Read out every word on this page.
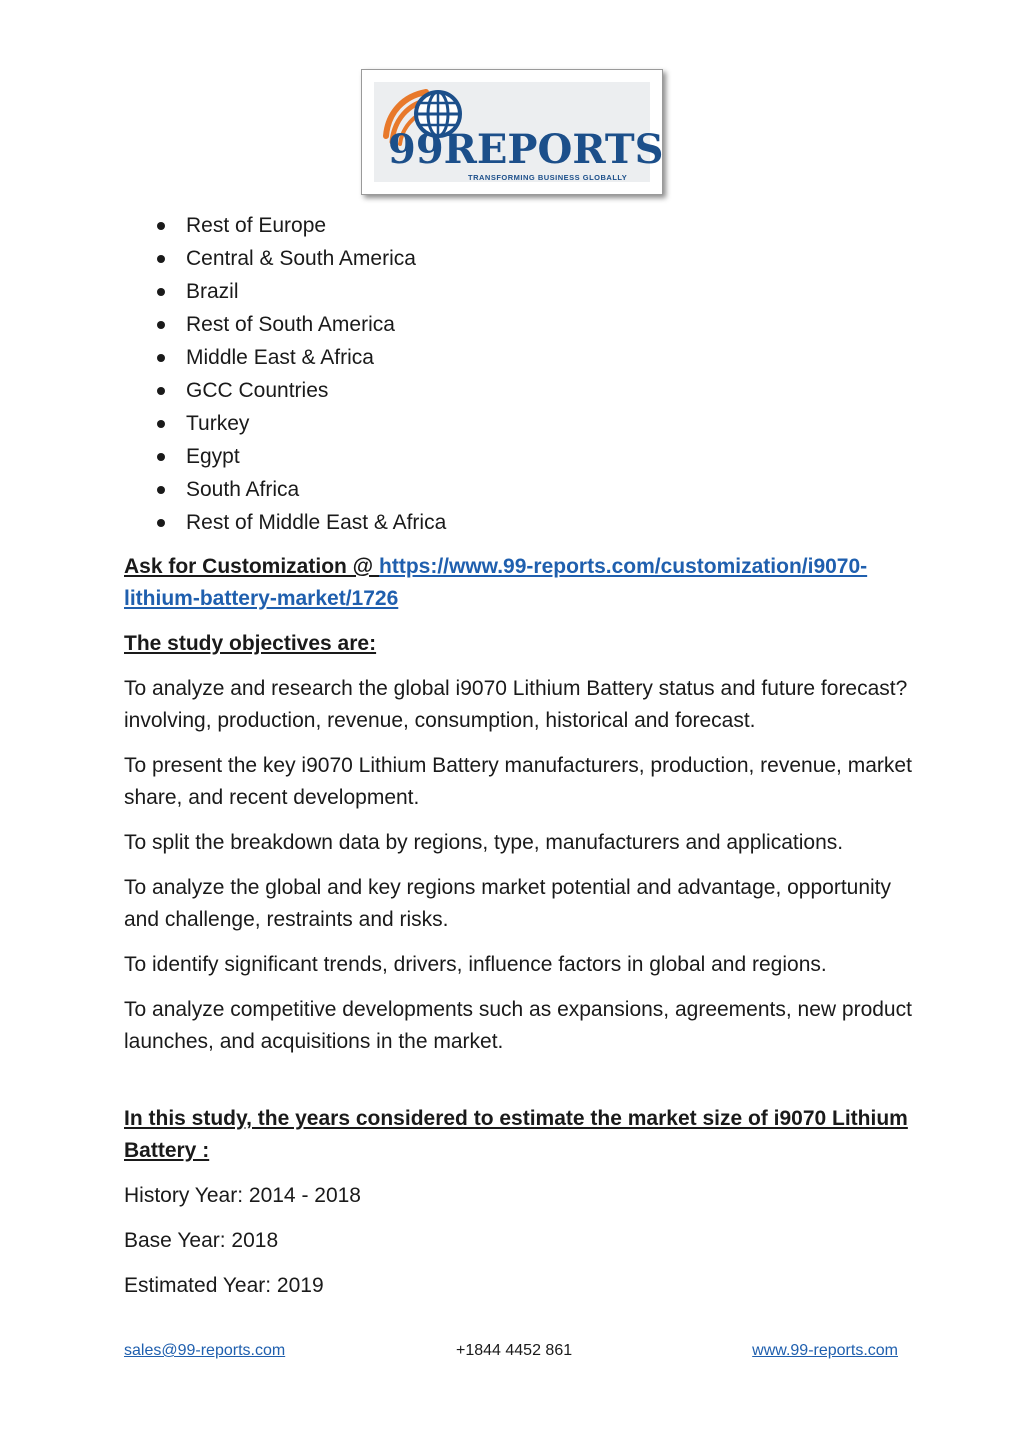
99REPORTS
TRANSFORMING BUSINESS GLOBALLY
Rest of Europe
Central & South America
Brazil
Rest of South America
Middle East & Africa
GCC Countries
Turkey
Egypt
South Africa
Rest of Middle East & Africa
Ask for Customization @ https://www.99-reports.com/customization/i9070-lithium-battery-market/1726
The study objectives are:
To analyze and research the global i9070 Lithium Battery status and future forecast?involving, production, revenue, consumption, historical and forecast.
To present the key i9070 Lithium Battery manufacturers, production, revenue, market share, and recent development.
To split the breakdown data by regions, type, manufacturers and applications.
To analyze the global and key regions market potential and advantage, opportunity and challenge, restraints and risks.
To identify significant trends, drivers, influence factors in global and regions.
To analyze competitive developments such as expansions, agreements, new product launches, and acquisitions in the market.
In this study, the years considered to estimate the market size of i9070 Lithium Battery :
History Year: 2014 - 2018
Base Year: 2018
Estimated Year: 2019
sales@99-reports.com	+1844 4452 861	www.99-reports.com
